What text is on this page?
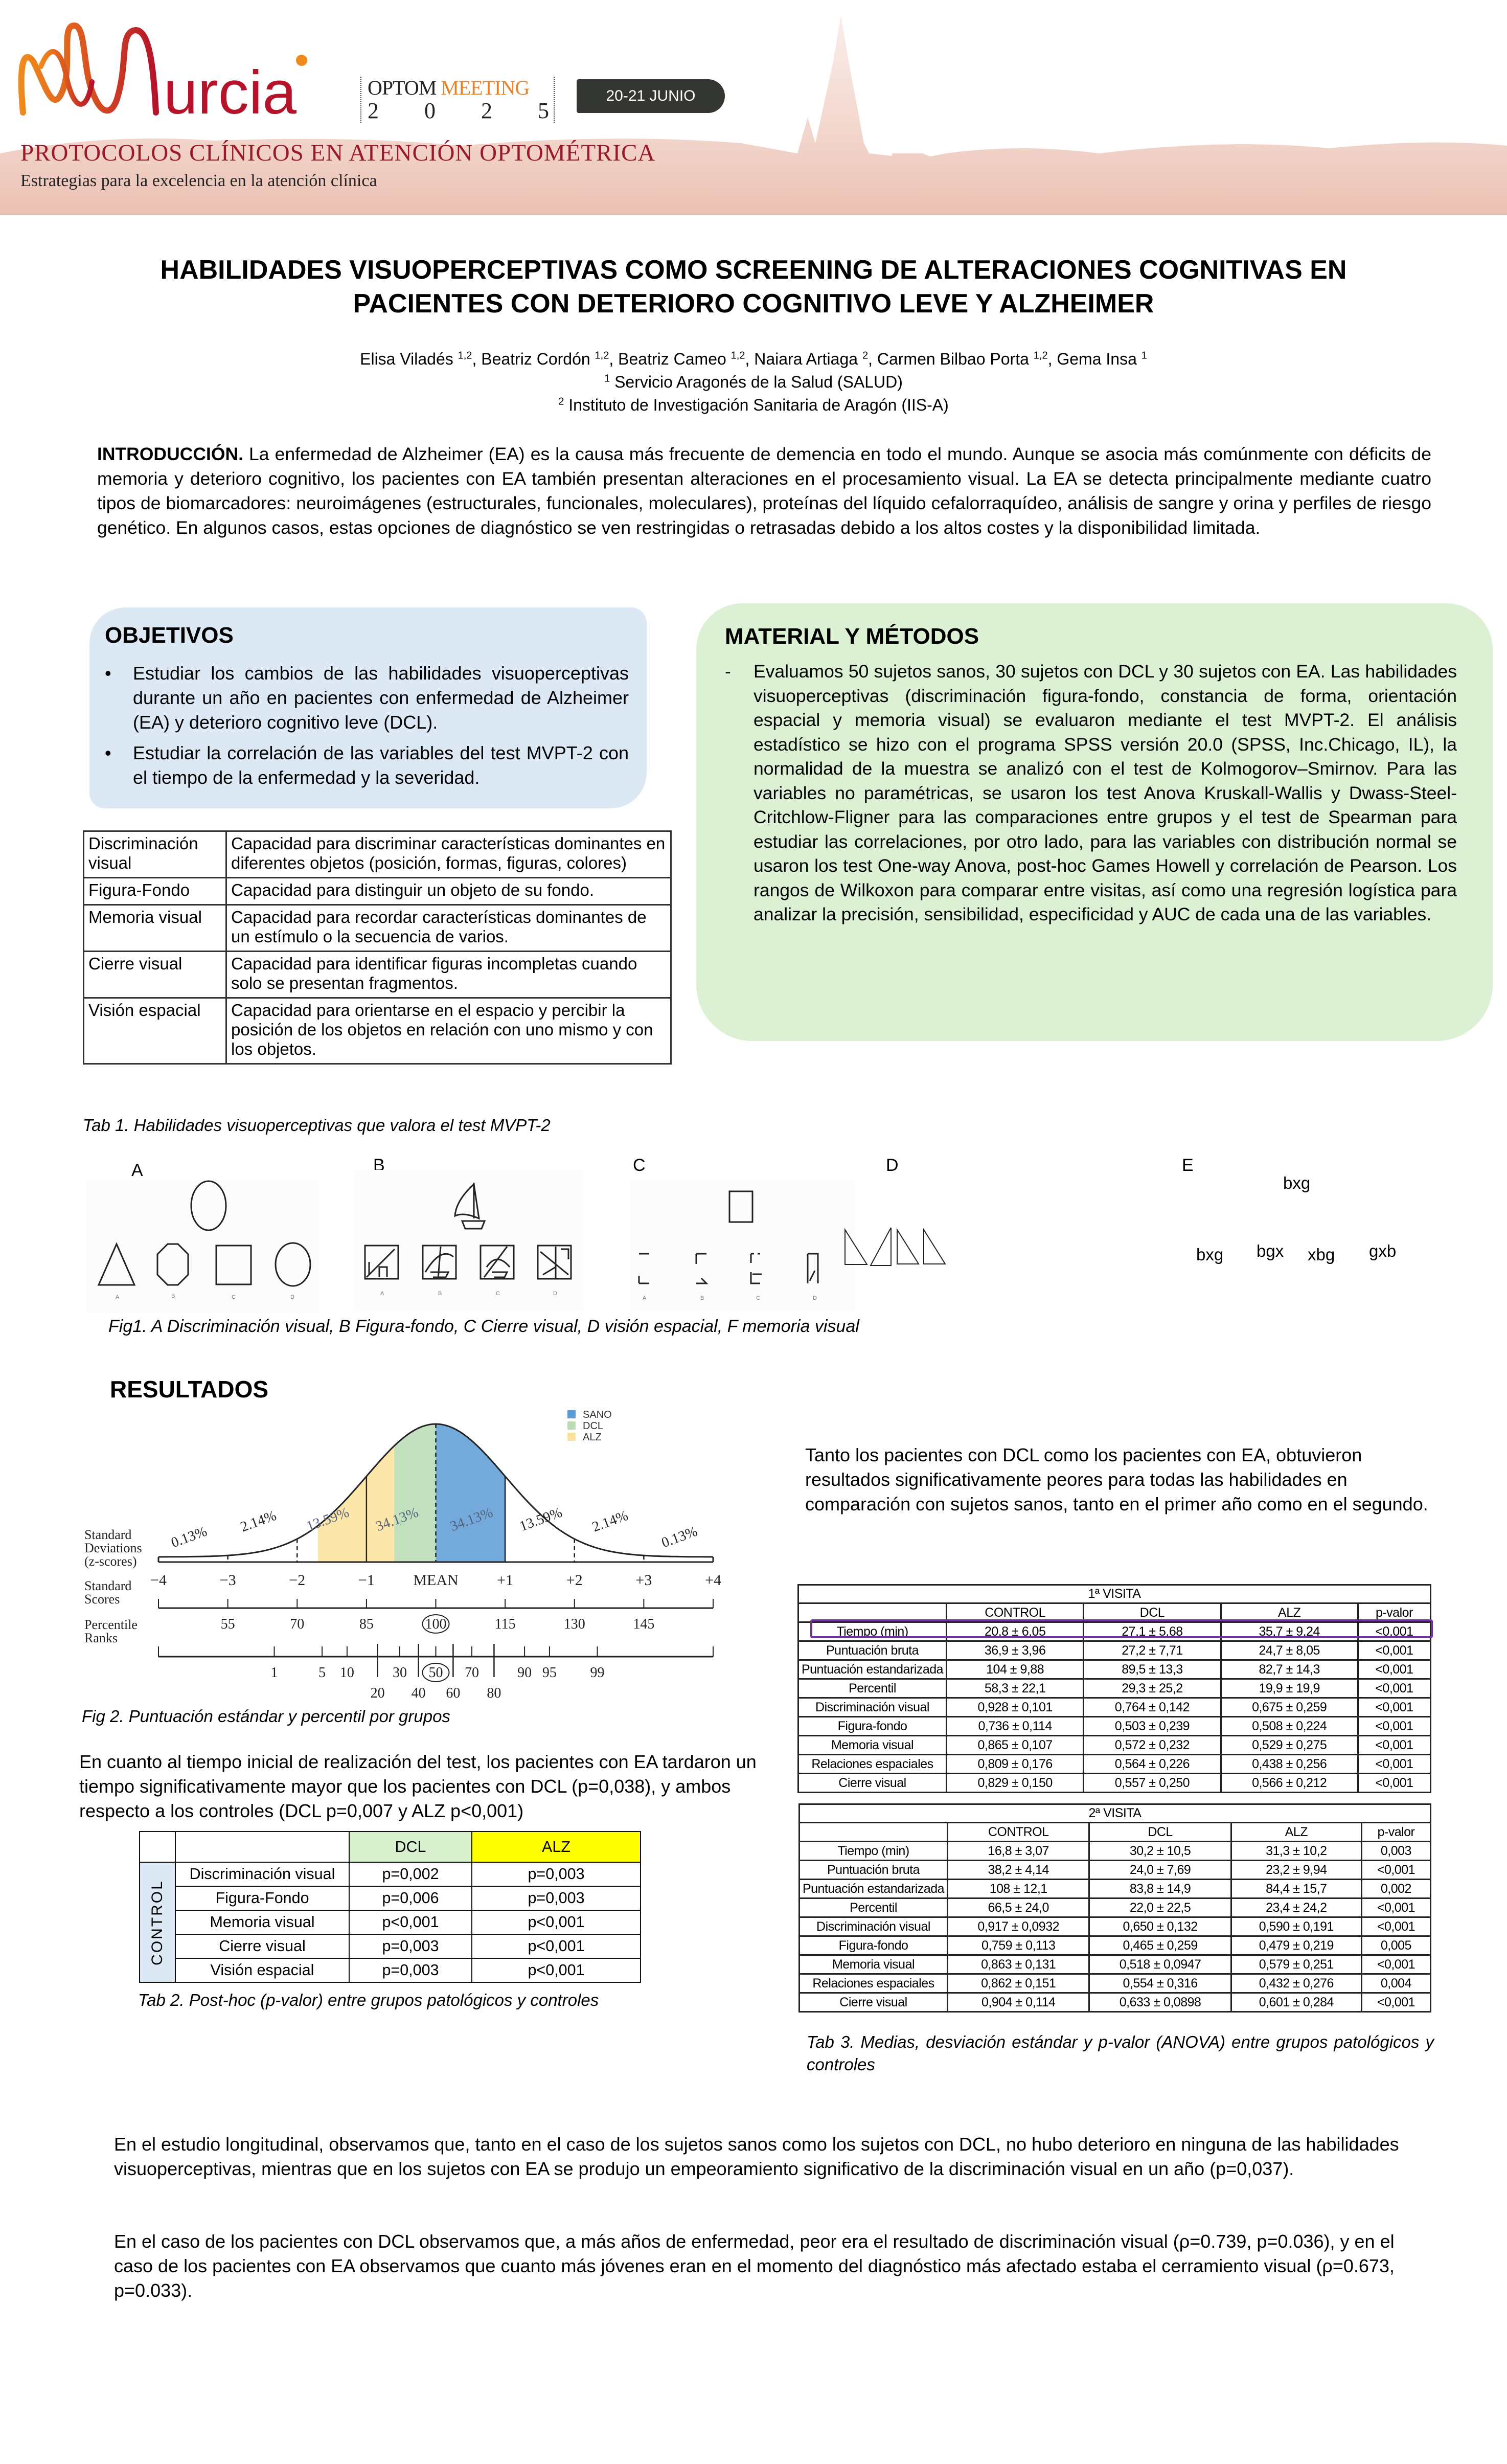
urcia	OPTOM MEETING
2 0 2 5
20-21 JUNIO
PROTOCOLOS CLÍNICOS EN ATENCIÓN OPTOMÉTRICA
Estrategias para la excelencia en la atención clínica
HABILIDADES VISUOPERCEPTIVAS COMO SCREENING DE ALTERACIONES COGNITIVAS EN
PACIENTES CON DETERIORO COGNITIVO LEVE Y ALZHEIMER
Elisa Viladés $^{1,2}$, Beatriz Cordón $^{1,2}$, Beatriz Cameo $^{1,2}$, Naiara Artiaga $^2$, Carmen Bilbao Porta $^{1,2}$, Gema Insa $^1$
$^1$ Servicio Aragonés de la Salud (SALUD)
$^2$ Instituto de Investigación Sanitaria de Aragón (IIS-A)
INTRODUCCIÓN. La enfermedad de Alzheimer (EA) es la causa más frecuente de demencia en todo el mundo. Aunque se asocia más comúnmente con déficits de memoria y deterioro cognitivo, los pacientes con EA también presentan alteraciones en el procesamiento visual. La EA se detecta principalmente mediante cuatro tipos de biomarcadores: neuroimágenes (estructurales, funcionales, moleculares), proteínas del líquido cefalorraquídeo, análisis de sangre y orina y perfiles de riesgo genético. En algunos casos, estas opciones de diagnóstico se ven restringidas o retrasadas debido a los altos costes y la disponibilidad limitada.
OBJETIVOS
• Estudiar los cambios de las habilidades visuoperceptivas durante un año en pacientes con enfermedad de Alzheimer (EA) y deterioro cognitivo leve (DCL).
• Estudiar la correlación de las variables del test MVPT-2 con el tiempo de la enfermedad y la severidad.
Discriminación visual	Capacidad para discriminar características dominantes en diferentes objetos (posición, formas, figuras, colores)
Figura-Fondo	Capacidad para distinguir un objeto de su fondo.
Memoria visual	Capacidad para recordar características dominantes de un estímulo o la secuencia de varios.
Cierre visual	Capacidad para identificar figuras incompletas cuando solo se presentan fragmentos.
Visión espacial	Capacidad para orientarse en el espacio y percibir la posición de los objetos en relación con uno mismo y con los objetos.
Tab 1. Habilidades visuoperceptivas que valora el test MVPT-2
MATERIAL Y MÉTODOS
- Evaluamos 50 sujetos sanos, 30 sujetos con DCL y 30 sujetos con EA. Las habilidades visuoperceptivas (discriminación figura-fondo, constancia de forma, orientación espacial y memoria visual) se evaluaron mediante el test MVPT-2. El análisis estadístico se hizo con el programa SPSS versión 20.0 (SPSS, Inc.Chicago, IL), la normalidad de la muestra se analizó con el test de Kolmogorov–Smirnov. Para las variables no paramétricas, se usaron los test Anova Kruskall-Wallis y Dwass-Steel-Critchlow-Fligner para las comparaciones entre grupos y el test de Spearman para estudiar las correlaciones, por otro lado, para las variables con distribución normal se usaron los test One-way Anova, post-hoc Games Howell y correlación de Pearson. Los rangos de Wilkoxon para comparar entre visitas, así como una regresión logística para analizar la precisión, sensibilidad, especificidad y AUC de cada una de las variables.
A	B	C	D	E
A	B	C	D
A	B	C	D
A	B	C	D
bxg
bxg bgx xbg gxb
Fig1. A Discriminación visual, B Figura-fondo, C Cierre visual, D visión espacial, F memoria visual
RESULTADOS
−4	−3	−2	−1	MEAN	+1	+2	+3	+4
0.13%
2.14% 13.59% 34.13% 34.13% 13.59% 2.14%
0.13%
Standard
Deviations
(z-scores)
Standard
Scores
Percentile
Ranks
55	70	85	100	115	130	145
1	5 10	30 50 70	90 95 99
20 40 60 80
SANO
DCL
ALZ
Fig 2. Puntuación estándar y percentil por grupos
Tanto los pacientes con DCL como los pacientes con EA, obtuvieron resultados significativamente peores para todas las habilidades en comparación con sujetos sanos, tanto en el primer año como en el segundo.
En cuanto al tiempo inicial de realización del test, los pacientes con EA tardaron un tiempo significativamente mayor que los pacientes con DCL (p=0,038), y ambos respecto a los controles (DCL p=0,007 y ALZ p<0,001)
		DCL	ALZ

CONTROL	Discriminación visual	p=0,002	p=0,003
	Figura-Fondo	p=0,006	p=0,003
	Memoria visual	p<0,001	p<0,001
	Cierre visual	p=0,003	p<0,001
	Visión espacial	p=0,003	p<0,001
Tab 2. Post-hoc (p-valor) entre grupos patológicos y controles
1ª VISITA				
	CONTROL	DCL	ALZ	p-valor
Tiempo (min)	20,8 ± 6,05	27,1 ± 5,68	35,7 ± 9,24	<0,001
Puntuación bruta	36,9 ± 3,96	27,2 ± 7,71	24,7 ± 8,05	<0,001
Puntuación estandarizada	104 ± 9,88	89,5 ± 13,3	82,7 ± 14,3	<0,001
Percentil	58,3 ± 22,1	29,3 ± 25,2	19,9 ± 19,9	<0,001
Discriminación visual	0,928 ± 0,101	0,764 ± 0,142	0,675 ± 0,259	<0,001
Figura-fondo	0,736 ± 0,114	0,503 ± 0,239	0,508 ± 0,224	<0,001
Memoria visual	0,865 ± 0,107	0,572 ± 0,232	0,529 ± 0,275	<0,001
Relaciones espaciales	0,809 ± 0,176	0,564 ± 0,226	0,438 ± 0,256	<0,001
Cierre visual	0,829 ± 0,150	0,557 ± 0,250	0,566 ± 0,212	<0,001
2ª VISITA				
	CONTROL	DCL	ALZ	p-valor
Tiempo (min)	16,8 ± 3,07	30,2 ± 10,5	31,3 ± 10,2	0,003
Puntuación bruta	38,2 ± 4,14	24,0 ± 7,69	23,2 ± 9,94	<0,001
Puntuación estandarizada	108 ± 12,1	83,8 ± 14,9	84,4 ± 15,7	0,002
Percentil	66,5 ± 24,0	22,0 ± 22,5	23,4 ± 24,2	<0,001
Discriminación visual	0,917 ± 0,0932	0,650 ± 0,132	0,590 ± 0,191	<0,001
Figura-fondo	0,759 ± 0,113	0,465 ± 0,259	0,479 ± 0,219	0,005
Memoria visual	0,863 ± 0,131	0,518 ± 0,0947	0,579 ± 0,251	<0,001
Relaciones espaciales	0,862 ± 0,151	0,554 ± 0,316	0,432 ± 0,276	0,004
Cierre visual	0,904 ± 0,114	0,633 ± 0,0898	0,601 ± 0,284	<0,001
Tab 3. Medias, desviación estándar y p-valor (ANOVA) entre grupos patológicos y controles
En el estudio longitudinal, observamos que, tanto en el caso de los sujetos sanos como los sujetos con DCL, no hubo deterioro en ninguna de las habilidades visuoperceptivas, mientras que en los sujetos con EA se produjo un empeoramiento significativo de la discriminación visual en un año (p=0,037).
En el caso de los pacientes con DCL observamos que, a más años de enfermedad, peor era el resultado de discriminación visual (ρ=0.739, p=0.036), y en el caso de los pacientes con EA observamos que cuanto más jóvenes eran en el momento del diagnóstico más afectado estaba el cerramiento visual (ρ=0.673, p=0.033).
